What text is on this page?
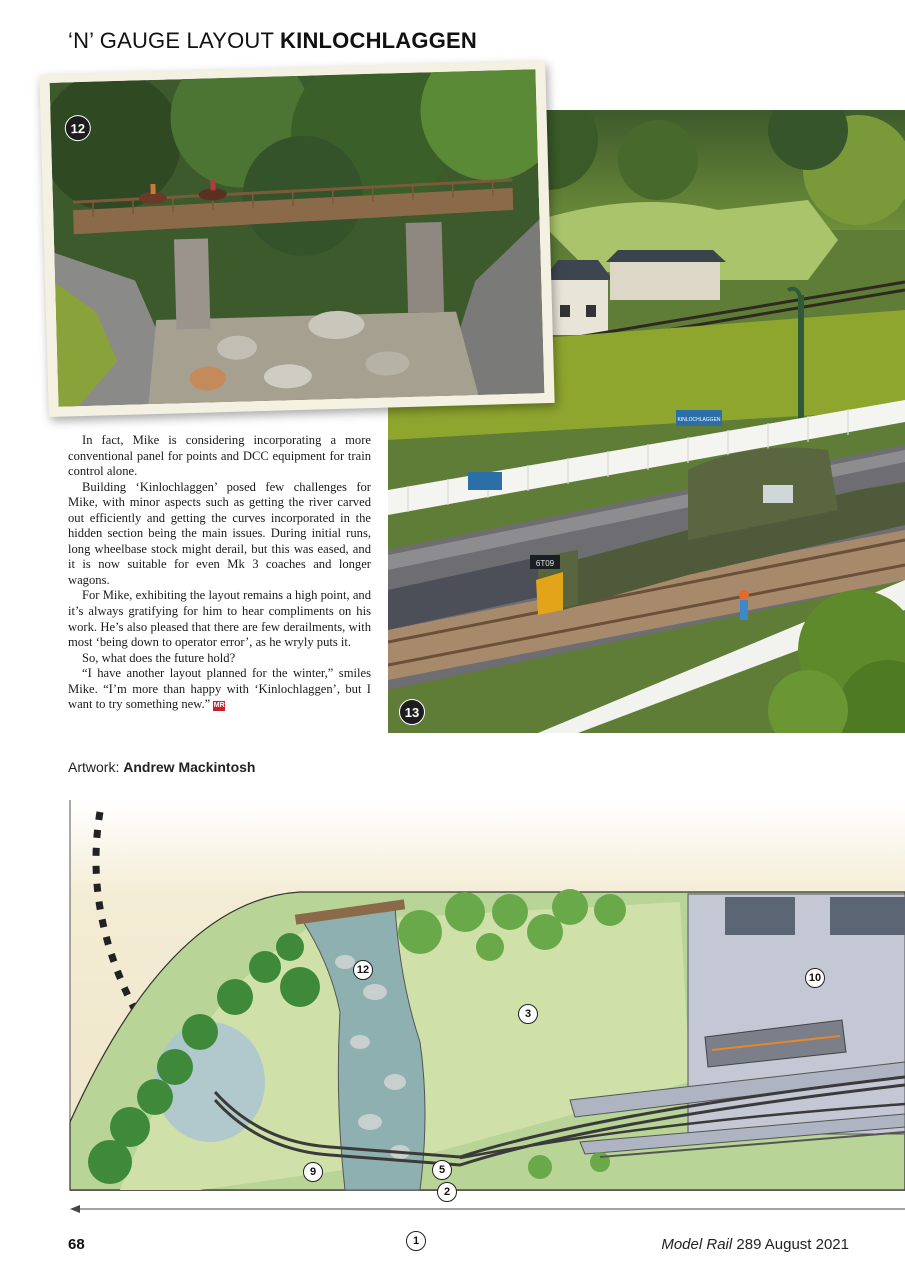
‘N’ GAUGE LAYOUT KINLOCHLAGGEN
KINLOCHLAGGEN
6T09
13
12

In fact, Mike is considering incorporating a more conventional panel for points and DCC equipment for train control alone.

Building ‘Kinlochlaggen’ posed few challenges for Mike, with minor aspects such as getting the river carved out efficiently and getting the curves incorporated in the hidden section being the main issues. During initial runs, long wheelbase stock might derail, but this was eased, and it is now suitable for even Mk 3 coaches and longer wagons.

For Mike, exhibiting the layout remains a high point, and it’s always gratifying for him to hear compliments on his work. He’s also pleased that there are few derailments, with most ‘being down to operator error’, as he wryly puts it.

So, what does the future hold?

“I have another layout planned for the winter,” smiles Mike. “I’m more than happy with ‘Kinlochlaggen’, but I want to try something new.” MR

Artwork: Andrew Mackintosh
12
3
10
9	5
2
1
68	Model Rail 289 August 2021
